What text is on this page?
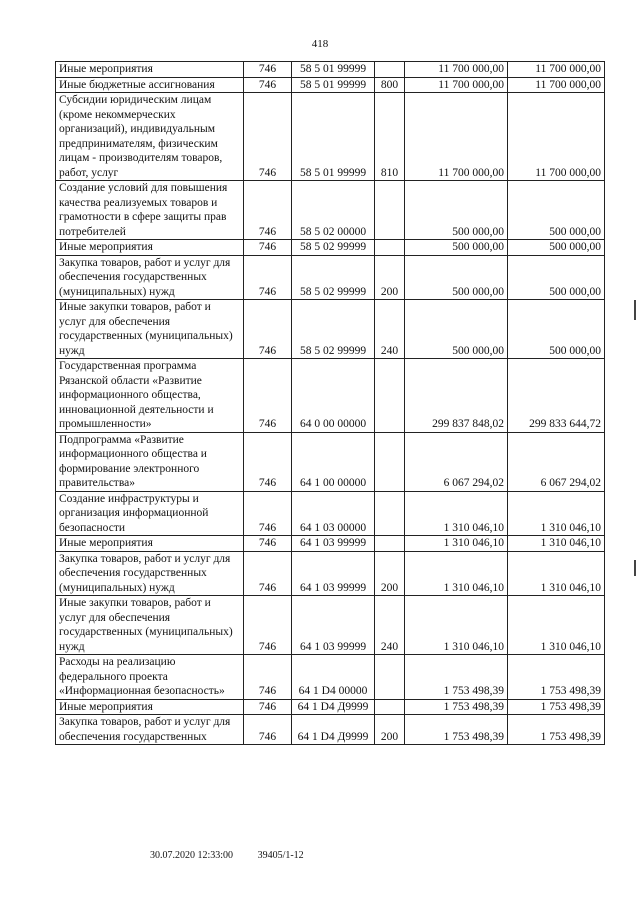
418
Иные мероприятия	746	58 5 01 99999		11 700 000,00	11 700 000,00
Иные бюджетные ассигнования	746	58 5 01 99999	800	11 700 000,00	11 700 000,00
Субсидии юридическим лицам (кроме некоммерческих организаций), индивидуальным предпринимателям, физическим лицам - производителям товаров, работ, услуг	746	58 5 01 99999	810	11 700 000,00	11 700 000,00
Создание условий для повышения качества реализуемых товаров и грамотности в сфере защиты прав потребителей	746	58 5 02 00000		500 000,00	500 000,00
Иные мероприятия	746	58 5 02 99999		500 000,00	500 000,00
Закупка товаров, работ и услуг для обеспечения государственных (муниципальных) нужд	746	58 5 02 99999	200	500 000,00	500 000,00
Иные закупки товаров, работ и услуг для обеспечения государственных (муниципальных) нужд	746	58 5 02 99999	240	500 000,00	500 000,00
Государственная программа Рязанской области «Развитие информационного общества, инновационной деятельности и промышленности»	746	64 0 00 00000		299 837 848,02	299 833 644,72
Подпрограмма «Развитие информационного общества и формирование электронного правительства»	746	64 1 00 00000		6 067 294,02	6 067 294,02
Создание инфраструктуры и организация информационной безопасности	746	64 1 03 00000		1 310 046,10	1 310 046,10
Иные мероприятия	746	64 1 03 99999		1 310 046,10	1 310 046,10
Закупка товаров, работ и услуг для обеспечения государственных (муниципальных) нужд	746	64 1 03 99999	200	1 310 046,10	1 310 046,10
Иные закупки товаров, работ и услуг для обеспечения государственных (муниципальных) нужд	746	64 1 03 99999	240	1 310 046,10	1 310 046,10
Расходы на реализацию федерального проекта «Информационная безопасность»	746	64 1 D4 00000		1 753 498,39	1 753 498,39
Иные мероприятия	746	64 1 D4 Д9999		1 753 498,39	1 753 498,39
Закупка товаров, работ и услуг для обеспечения государственных	746	64 1 D4 Д9999	200	1 753 498,39	1 753 498,39
30.07.2020 12:33:00 39405/1-12
